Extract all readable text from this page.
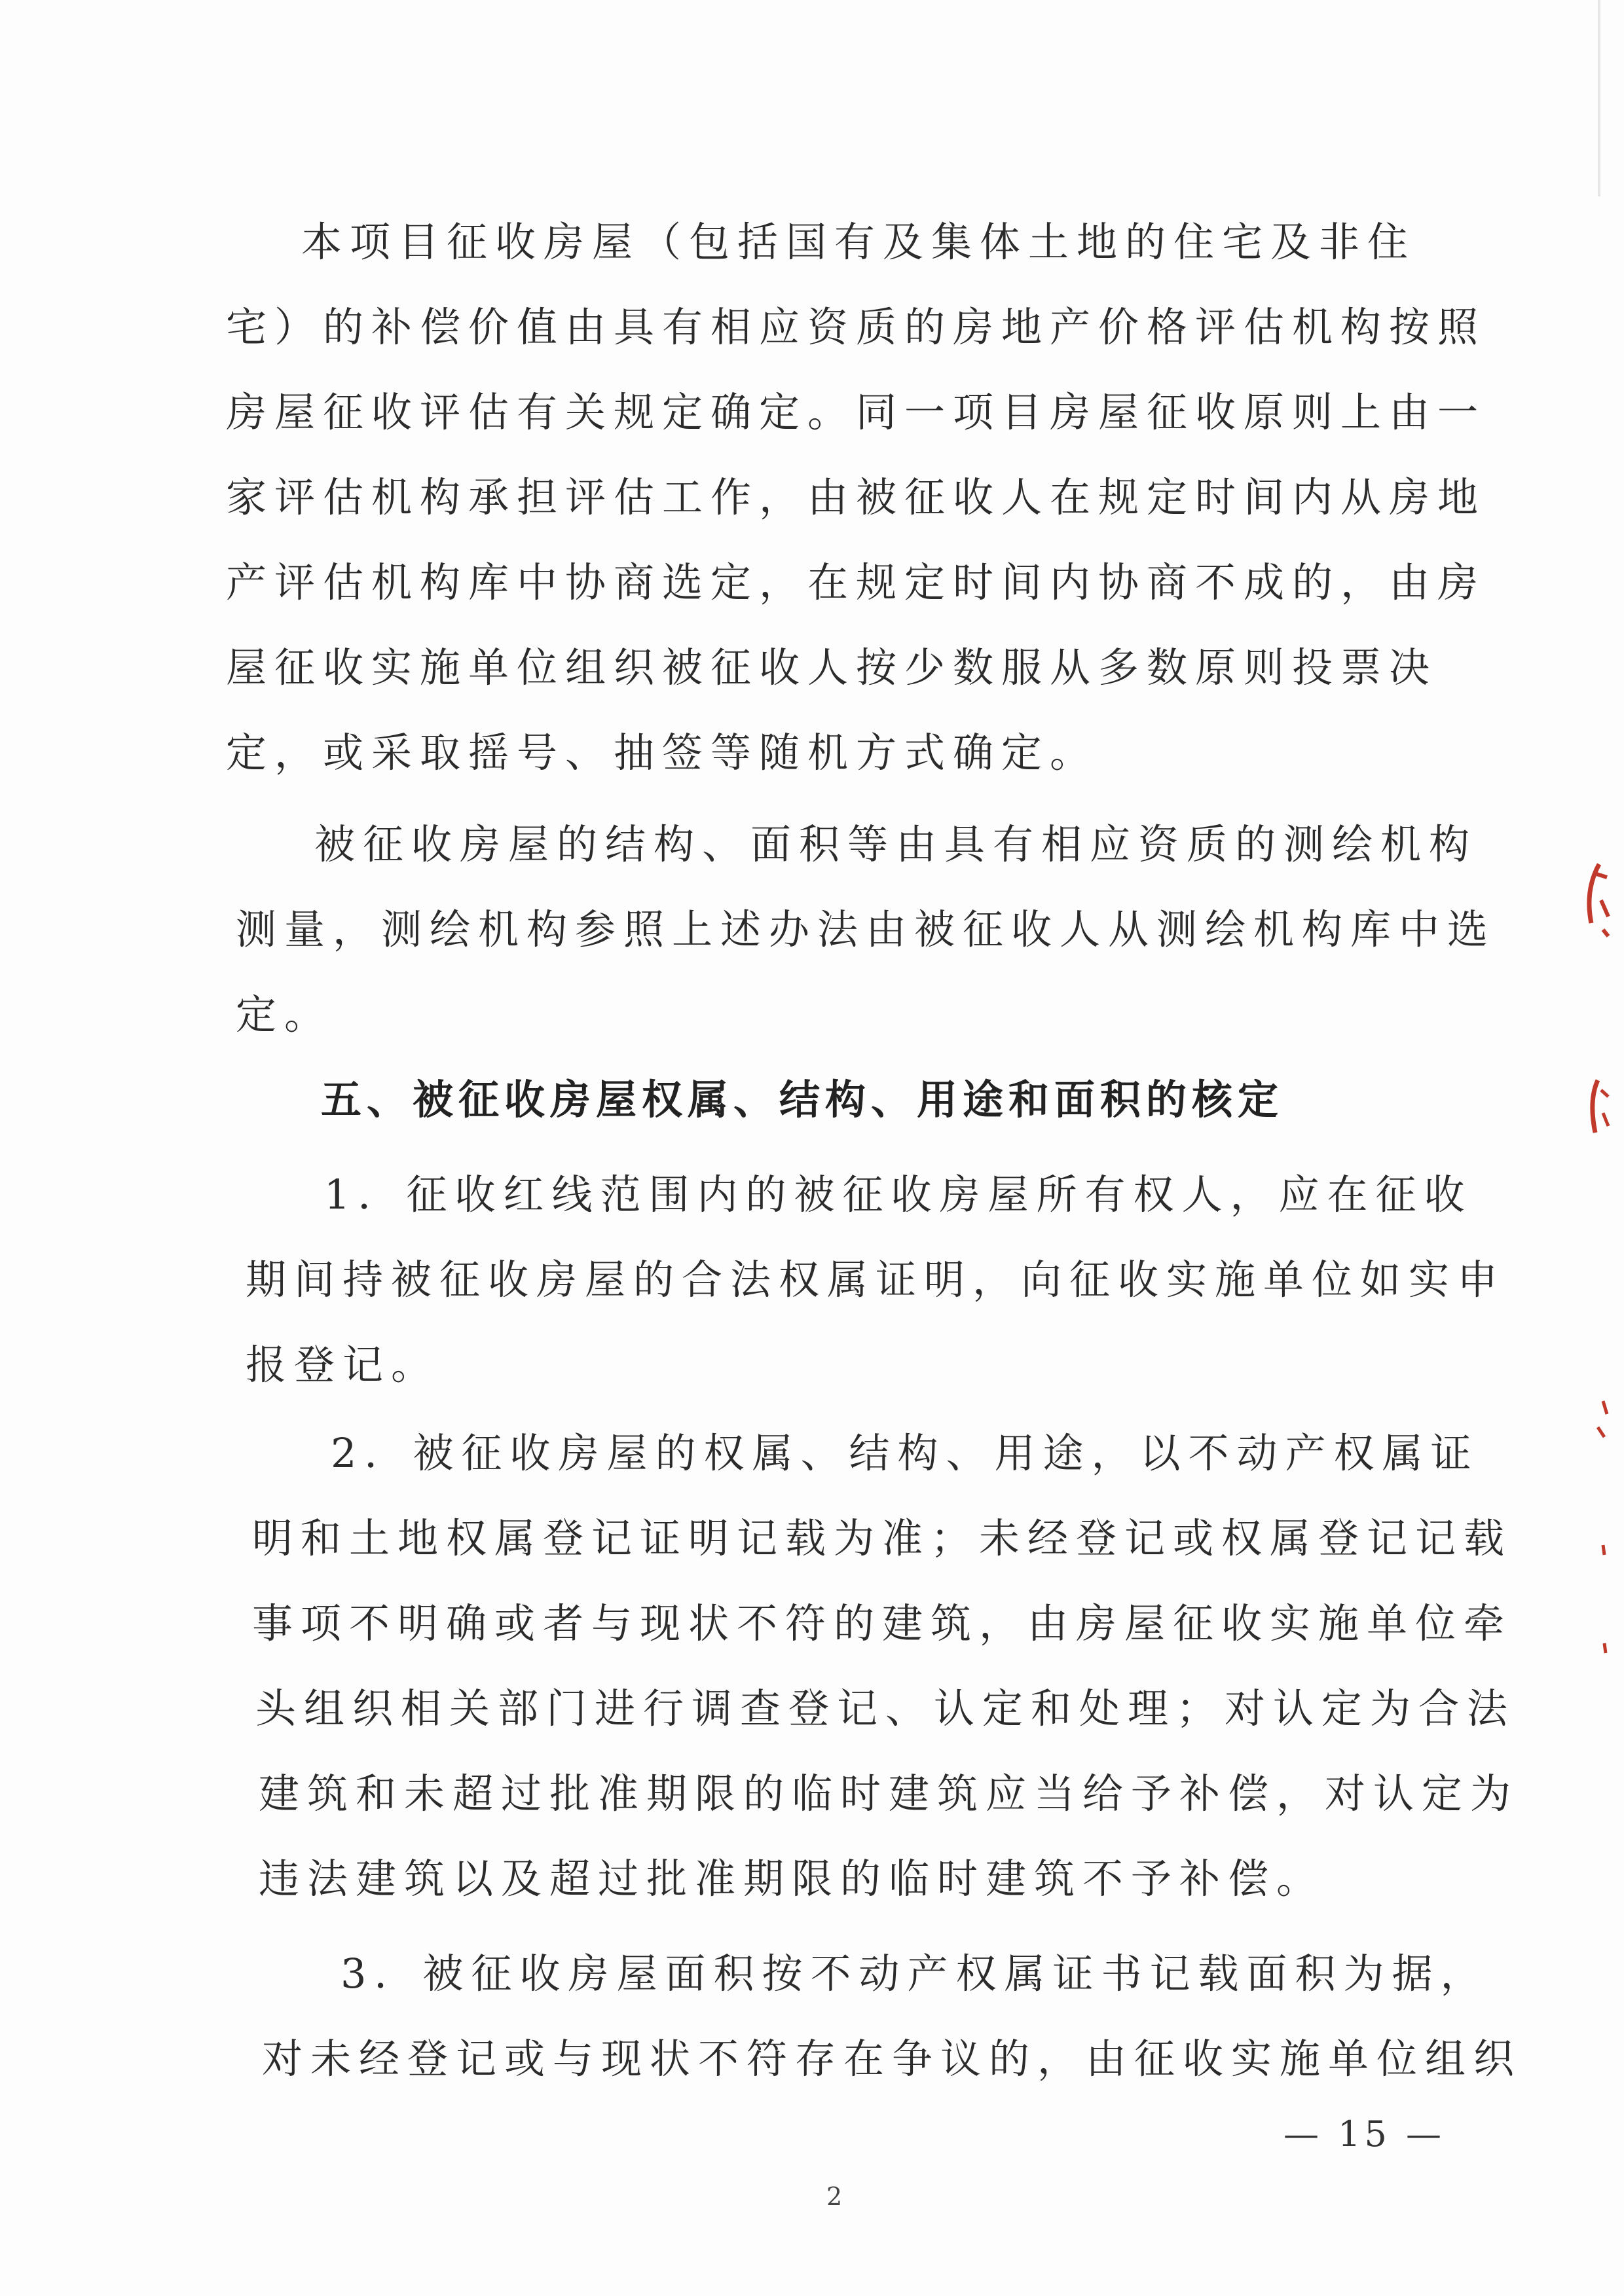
本项目征收房屋（包括国有及集体土地的住宅及非住
宅）的补偿价值由具有相应资质的房地产价格评估机构按照
房屋征收评估有关规定确定。同一项目房屋征收原则上由一
家评估机构承担评估工作，由被征收人在规定时间内从房地
产评估机构库中协商选定，在规定时间内协商不成的，由房
屋征收实施单位组织被征收人按少数服从多数原则投票决
定，或采取摇号、抽签等随机方式确定。
被征收房屋的结构、面积等由具有相应资质的测绘机构
测量，测绘机构参照上述办法由被征收人从测绘机构库中选
定。
五、被征收房屋权属、结构、用途和面积的核定
1．征收红线范围内的被征收房屋所有权人，应在征收
期间持被征收房屋的合法权属证明，向征收实施单位如实申
报登记。
2．被征收房屋的权属、结构、用途，以不动产权属证
明和土地权属登记证明记载为准；未经登记或权属登记记载
事项不明确或者与现状不符的建筑，由房屋征收实施单位牵
头组织相关部门进行调查登记、认定和处理；对认定为合法
建筑和未超过批准期限的临时建筑应当给予补偿，对认定为
违法建筑以及超过批准期限的临时建筑不予补偿。
3．被征收房屋面积按不动产权属证书记载面积为据，
对未经登记或与现状不符存在争议的，由征收实施单位组织
— 15 —
2
